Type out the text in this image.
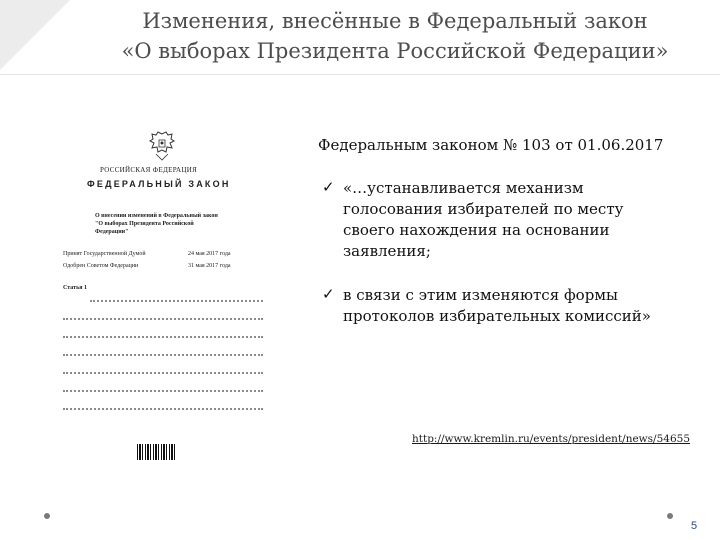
Изменения, внесённые в Федеральный закон
«О выборах Президента Российской Федерации»
РОССИЙСКАЯ ФЕДЕРАЦИЯ
ФЕДЕРАЛЬНЫЙ ЗАКОН
О внесении изменений в Федеральный закон
"О выборах Президента Российской
Федерации"
Принят Государственной Думой	24 мая 2017 года
Одобрен Советом Федерации	31 мая 2017 года
Статья 1
Федеральным законом № 103 от 01.06.2017
✓ «…устанавливается механизм
голосования избирателей по месту
своего нахождения на основании
заявления;
✓ в связи с этим изменяются формы
протоколов избирательных комиссий»
http://www.kremlin.ru/events/president/news/54655
5
